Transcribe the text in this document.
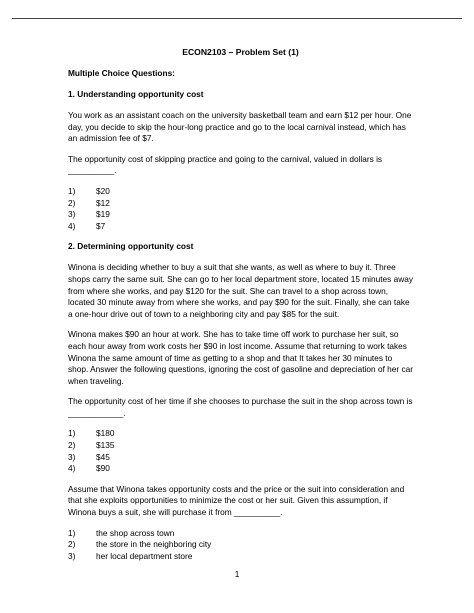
ECON2103 – Problem Set (1)
Multiple Choice Questions:
1. Understanding opportunity cost

You work as an assistant coach on the university basketball team and earn $12 per hour. One day, you decide to skip the hour-long practice and go to the local carnival instead, which has an admission fee of $7.

The opportunity cost of skipping practice and going to the carnival, valued in dollars is __________.

1) $20

2) $12

3) $19

4) $7

2. Determining opportunity cost

Winona is deciding whether to buy a suit that she wants, as well as where to buy it. Three shops carry the same suit. She can go to her local department store, located 15 minutes away from where she works, and pay $120 for the suit. She can travel to a shop across town, located 30 minute away from where she works, and pay $90 for the suit. Finally, she can take a one-hour drive out of town to a neighboring city and pay $85 for the suit.

Winona makes $90 an hour at work. She has to take time off work to purchase her suit, so each hour away from work costs her $90 in lost income. Assume that returning to work takes Winona the same amount of time as getting to a shop and that It takes her 30 minutes to shop. Answer the following questions, ignoring the cost of gasoline and depreciation of her car when traveling.

The opportunity cost of her time if she chooses to purchase the suit in the shop across town is ____________.

1) $180

2) $135

3) $45

4) $90

Assume that Winona takes opportunity costs and the price or the suit into consideration and that she exploits opportunities to minimize the cost or her suit. Given this assumption, if Winona buys a suit, she will purchase it from __________.

1) the shop across town

2) the store in the neighboring city

3) her local department store

1
